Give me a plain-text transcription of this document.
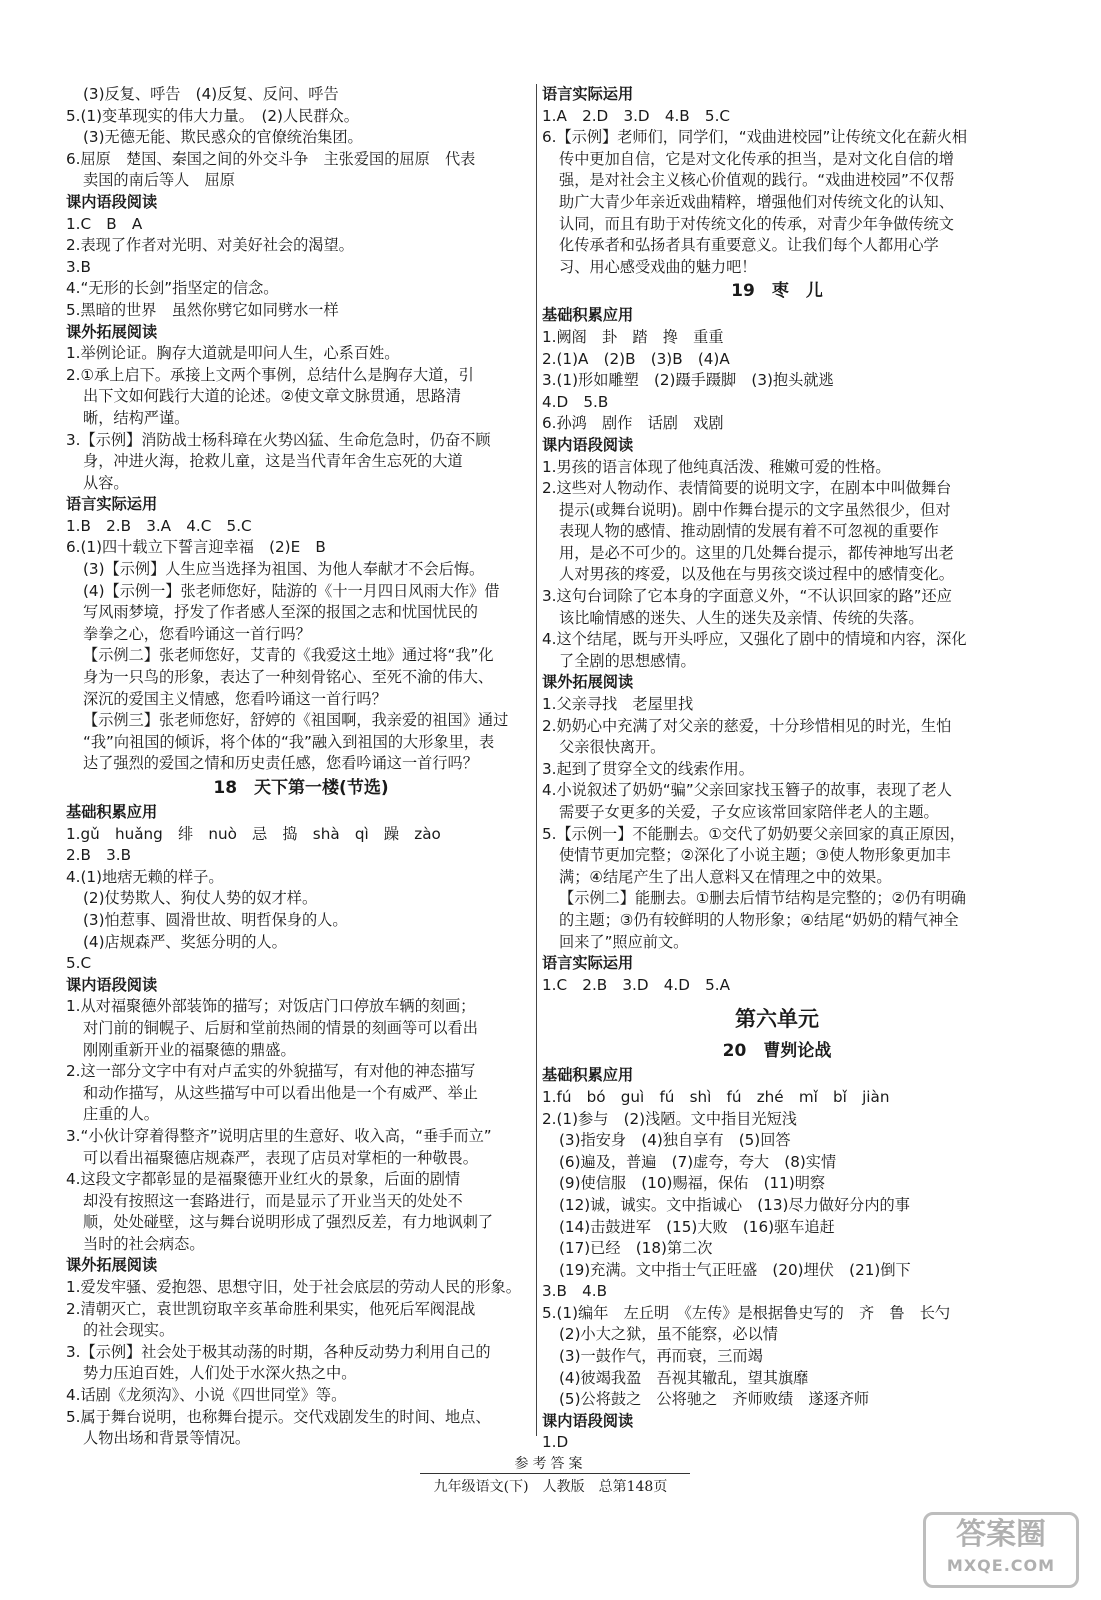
(3)反复、呼告　(4)反复、反问、呼告
5.(1)变革现实的伟大力量。　(2)人民群众。
(3)无德无能、欺民惑众的官僚统治集团。
6.屈原　楚国、秦国之间的外交斗争　主张爱国的屈原　代表
卖国的南后等人　屈原
课内语段阅读
1.C　B　A
2.表现了作者对光明、对美好社会的渴望。
3.B
4.“无形的长剑”指坚定的信念。
5.黑暗的世界　虽然你劈它如同劈水一样
课外拓展阅读
1.举例论证。胸存大道就是叩问人生，心系百姓。
2.①承上启下。承接上文两个事例，总结什么是胸存大道，引
出下文如何践行大道的论述。②使文章文脉贯通，思路清
晰，结构严谨。
3.【示例】消防战士杨科璋在火势凶猛、生命危急时，仍奋不顾
身，冲进火海，抢救儿童，这是当代青年舍生忘死的大道
从容。
语言实际运用
1.B　2.B　3.A　4.C　5.C
6.(1)四十载立下誓言迎幸福　(2)E　B
(3)【示例】人生应当选择为祖国、为他人奉献才不会后悔。
(4)【示例一】张老师您好，陆游的《十一月四日风雨大作》借
写风雨梦境，抒发了作者感人至深的报国之志和忧国忧民的
拳拳之心，您看吟诵这一首行吗？
【示例二】张老师您好，艾青的《我爱这土地》通过将“我”化
身为一只鸟的形象，表达了一种刻骨铭心、至死不渝的伟大、
深沉的爱国主义情感，您看吟诵这一首行吗？
【示例三】张老师您好，舒婷的《祖国啊，我亲爱的祖国》通过
“我”向祖国的倾诉，将个体的“我”融入到祖国的大形象里，表
达了强烈的爱国之情和历史责任感，您看吟诵这一首行吗？
18　天下第一楼(节选)
基础积累应用
1.gǔ　huǎng　绯　nuò　忌　捣　shà　qì　躁　zào
2.B　3.B
4.(1)地痞无赖的样子。
(2)仗势欺人、狗仗人势的奴才样。
(3)怕惹事、圆滑世故、明哲保身的人。
(4)店规森严、奖惩分明的人。
5.C
课内语段阅读
1.从对福聚德外部装饰的描写；对饭店门口停放车辆的刻画；
对门前的铜幌子、后厨和堂前热闹的情景的刻画等可以看出
刚刚重新开业的福聚德的鼎盛。
2.这一部分文字中有对卢孟实的外貌描写，有对他的神态描写
和动作描写，从这些描写中可以看出他是一个有威严、举止
庄重的人。
3.“小伙计穿着得整齐”说明店里的生意好、收入高，“垂手而立”
可以看出福聚德店规森严，表现了店员对掌柜的一种敬畏。
4.这段文字都彰显的是福聚德开业红火的景象，后面的剧情
却没有按照这一套路进行，而是显示了开业当天的处处不
顺，处处碰壁，这与舞台说明形成了强烈反差，有力地讽刺了
当时的社会病态。
课外拓展阅读
1.爱发牢骚、爱抱怨、思想守旧，处于社会底层的劳动人民的形象。
2.清朝灭亡，袁世凯窃取辛亥革命胜利果实，他死后军阀混战
的社会现实。
3.【示例】社会处于极其动荡的时期，各种反动势力利用自己的
势力压迫百姓，人们处于水深火热之中。
4.话剧《龙须沟》、小说《四世同堂》等。
5.属于舞台说明，也称舞台提示。交代戏剧发生的时间、地点、
人物出场和背景等情况。
语言实际运用
1.A　2.D　3.D　4.B　5.C
6.【示例】老师们，同学们，“戏曲进校园”让传统文化在薪火相
传中更加自信，它是对文化传承的担当，是对文化自信的增
强，是对社会主义核心价值观的践行。“戏曲进校园”不仅帮
助广大青少年亲近戏曲精粹，增强他们对传统文化的认知、
认同，而且有助于对传统文化的传承，对青少年争做传统文
化传承者和弘扬者具有重要意义。让我们每个人都用心学
习、用心感受戏曲的魅力吧！
19　枣　儿
基础积累应用
1.阙阁　卦　踏　搀　重重
2.(1)A　(2)B　(3)B　(4)A
3.(1)形如雕塑　(2)蹑手蹑脚　(3)抱头就逃
4.D　5.B
6.孙鸿　剧作　话剧　戏剧
课内语段阅读
1.男孩的语言体现了他纯真活泼、稚嫩可爱的性格。
2.这些对人物动作、表情简要的说明文字，在剧本中叫做舞台
提示(或舞台说明)。剧中作舞台提示的文字虽然很少，但对
表现人物的感情、推动剧情的发展有着不可忽视的重要作
用，是必不可少的。这里的几处舞台提示，都传神地写出老
人对男孩的疼爱，以及他在与男孩交谈过程中的感情变化。
3.这句台词除了它本身的字面意义外，“不认识回家的路”还应
该比喻情感的迷失、人生的迷失及亲情、传统的失落。
4.这个结尾，既与开头呼应，又强化了剧中的情境和内容，深化
了全剧的思想感情。
课外拓展阅读
1.父亲寻找　老屋里找
2.奶奶心中充满了对父亲的慈爱，十分珍惜相见的时光，生怕
父亲很快离开。
3.起到了贯穿全文的线索作用。
4.小说叙述了奶奶“骗”父亲回家找玉簪子的故事，表现了老人
需要子女更多的关爱，子女应该常回家陪伴老人的主题。
5.【示例一】不能删去。①交代了奶奶要父亲回家的真正原因，
使情节更加完整；②深化了小说主题；③使人物形象更加丰
满；④结尾产生了出人意料又在情理之中的效果。
【示例二】能删去。①删去后情节结构是完整的；②仍有明确
的主题；③仍有较鲜明的人物形象；④结尾“奶奶的精气神全
回来了”照应前文。
语言实际运用
1.C　2.B　3.D　4.D　5.A
第六单元
20　曹刿论战
基础积累应用
1.fú　bó　guì　fú　shì　fú　zhé　mǐ　bǐ　jiàn
2.(1)参与　(2)浅陋。文中指目光短浅
(3)指安身　(4)独自享有　(5)回答
(6)遍及，普遍　(7)虚夸，夸大　(8)实情
(9)使信服　(10)赐福，保佑　(11)明察
(12)诚，诚实。文中指诚心　(13)尽力做好分内的事
(14)击鼓进军　(15)大败　(16)驱车追赶
(17)已经　(18)第二次
(19)充满。文中指士气正旺盛　(20)埋伏　(21)倒下
3.B　4.B
5.(1)编年　左丘明　《左传》是根据鲁史写的　齐　鲁　长勺
(2)小大之狱，虽不能察，必以情
(3)一鼓作气，再而衰，三而竭
(4)彼竭我盈　吾视其辙乱，望其旗靡
(5)公将鼓之　公将驰之　齐师败绩　遂逐齐师
课内语段阅读
1.D
参考答案
九年级语文(下)　人教版　总第148页
答案圈
MXQE.COM
